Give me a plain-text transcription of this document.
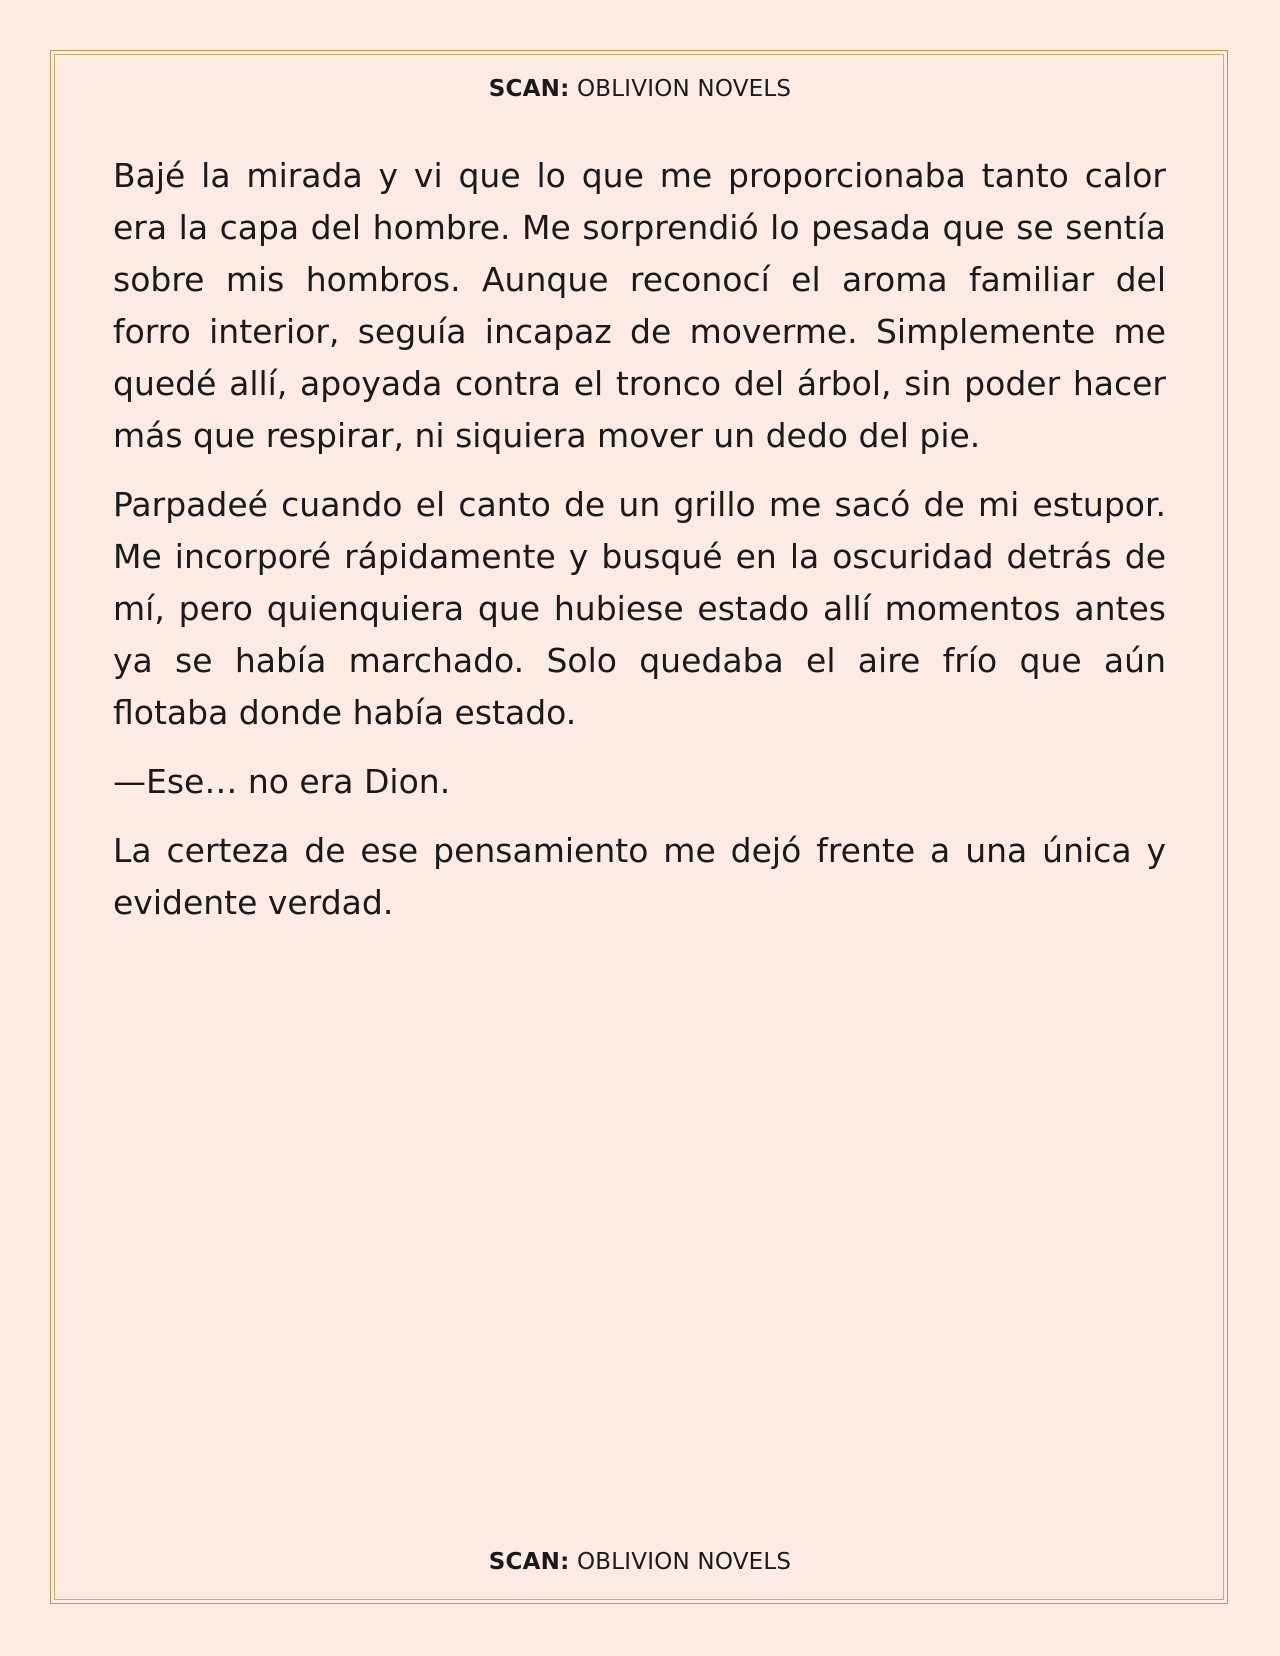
SCAN: OBLIVION NOVELS

Bajé la mirada y vi que lo que me proporcionaba tanto calor era la capa del hombre. Me sorprendió lo pesada que se sentía sobre mis hombros. Aunque reconocí el aroma familiar del forro interior, seguía incapaz de moverme. Simplemente me quedé allí, apoyada contra el tronco del árbol, sin poder hacer más que respirar, ni siquiera mover un dedo del pie.

Parpadeé cuando el canto de un grillo me sacó de mi estupor. Me incorporé rápidamente y busqué en la oscuridad detrás de mí, pero quienquiera que hubiese estado allí momentos antes ya se había marchado. Solo quedaba el aire frío que aún flotaba donde había estado.

—Ese… no era Dion.

La certeza de ese pensamiento me dejó frente a una única y evidente verdad.

SCAN: OBLIVION NOVELS
